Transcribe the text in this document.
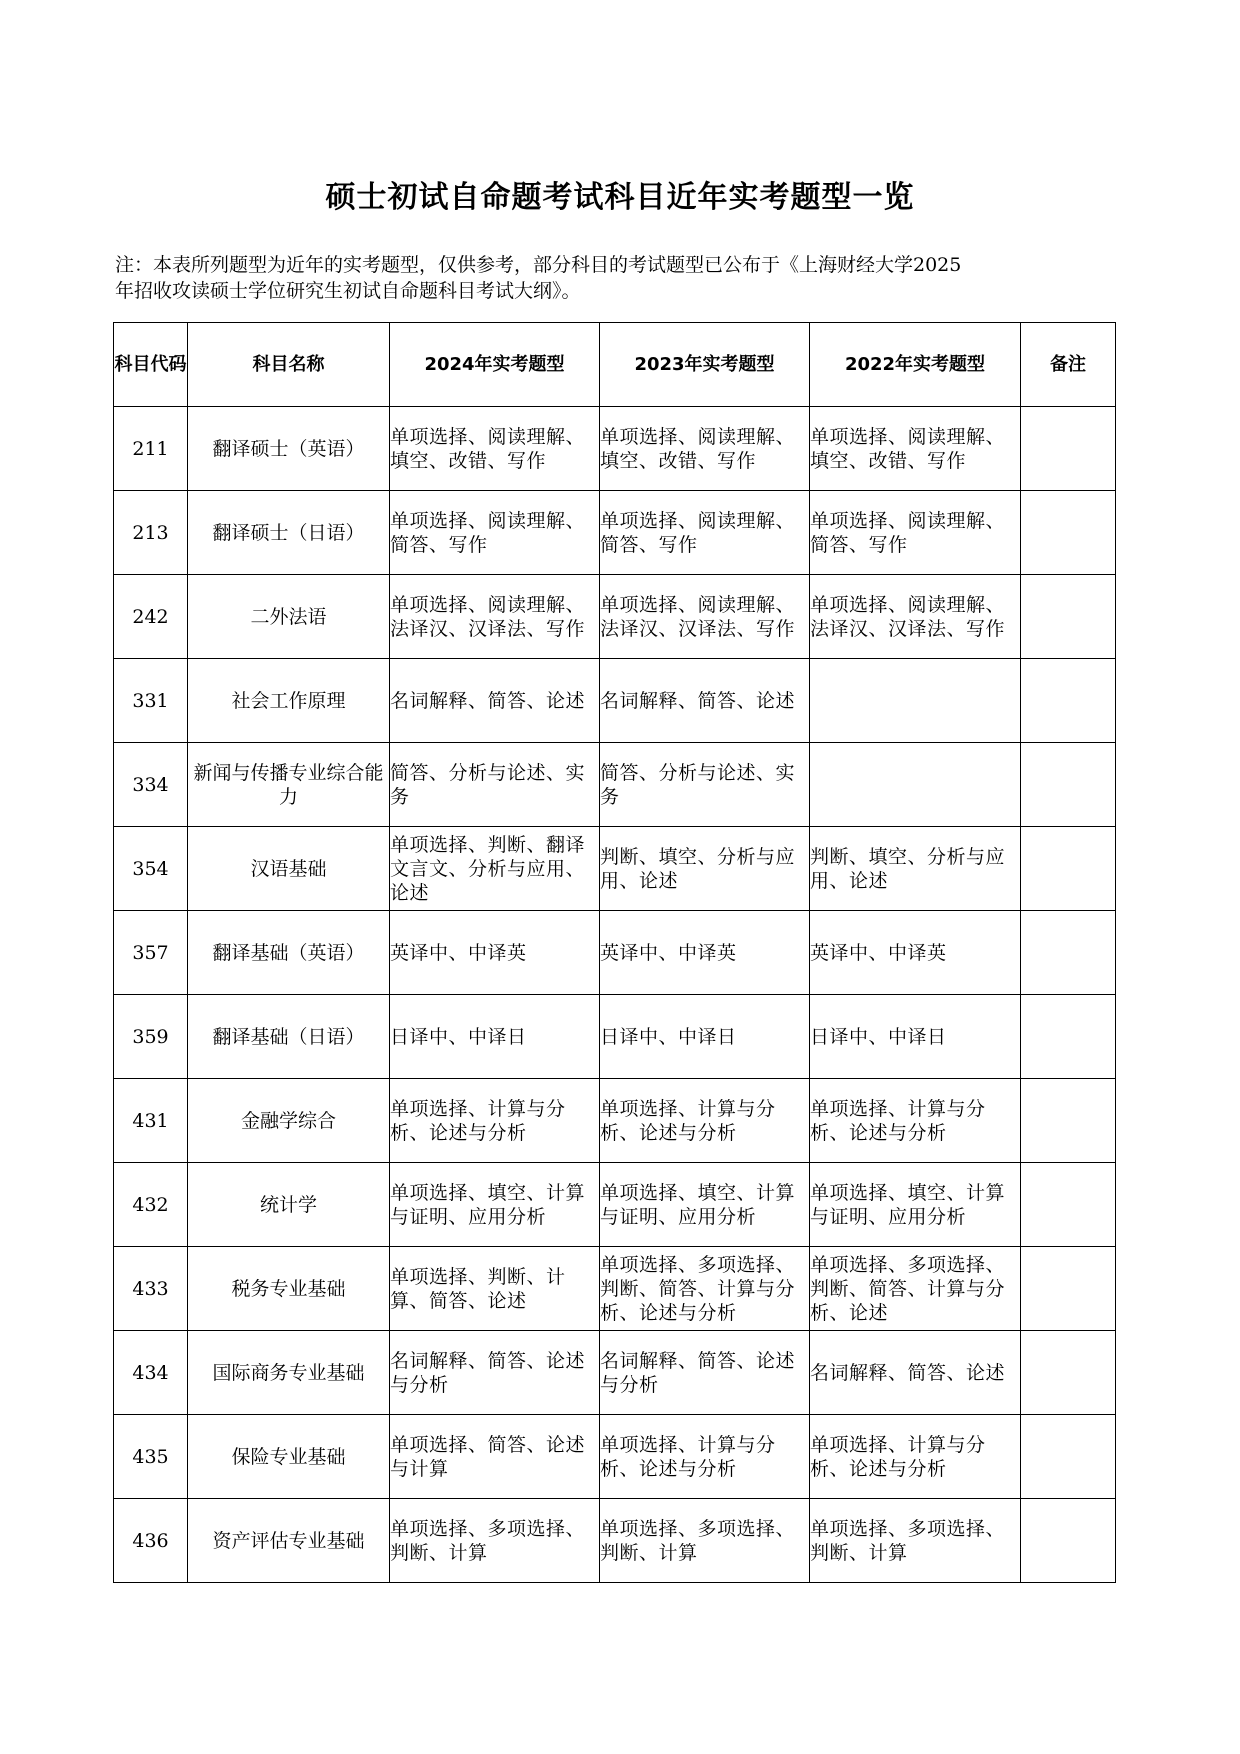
硕士初试自命题考试科目近年实考题型一览

注：本表所列题型为近年的实考题型，仅供参考，部分科目的考试题型已公布于《上海财经大学2025

年招收攻读硕士学位研究生初试自命题科目考试大纲》。

科目代码	科目名称	2024年实考题型	2023年实考题型	2022年实考题型	备注
211	翻译硕士（英语）	单项选择、阅读理解、填空、改错、写作	单项选择、阅读理解、填空、改错、写作	单项选择、阅读理解、填空、改错、写作	
213	翻译硕士（日语）	单项选择、阅读理解、简答、写作	单项选择、阅读理解、简答、写作	单项选择、阅读理解、简答、写作	
242	二外法语	单项选择、阅读理解、法译汉、汉译法、写作	单项选择、阅读理解、法译汉、汉译法、写作	单项选择、阅读理解、法译汉、汉译法、写作	
331	社会工作原理	名词解释、简答、论述	名词解释、简答、论述		
334	新闻与传播专业综合能力	简答、分析与论述、实务	简答、分析与论述、实务		
354	汉语基础	单项选择、判断、翻译文言文、分析与应用、论述	判断、填空、分析与应用、论述	判断、填空、分析与应用、论述	
357	翻译基础（英语）	英译中、中译英	英译中、中译英	英译中、中译英	
359	翻译基础（日语）	日译中、中译日	日译中、中译日	日译中、中译日	
431	金融学综合	单项选择、计算与分析、论述与分析	单项选择、计算与分析、论述与分析	单项选择、计算与分析、论述与分析	
432	统计学	单项选择、填空、计算与证明、应用分析	单项选择、填空、计算与证明、应用分析	单项选择、填空、计算与证明、应用分析	
433	税务专业基础	单项选择、判断、计算、简答、论述	单项选择、多项选择、判断、简答、计算与分析、论述与分析	单项选择、多项选择、判断、简答、计算与分析、论述	
434	国际商务专业基础	名词解释、简答、论述与分析	名词解释、简答、论述与分析	名词解释、简答、论述	
435	保险专业基础	单项选择、简答、论述与计算	单项选择、计算与分析、论述与分析	单项选择、计算与分析、论述与分析	
436	资产评估专业基础	单项选择、多项选择、判断、计算	单项选择、多项选择、判断、计算	单项选择、多项选择、判断、计算	
